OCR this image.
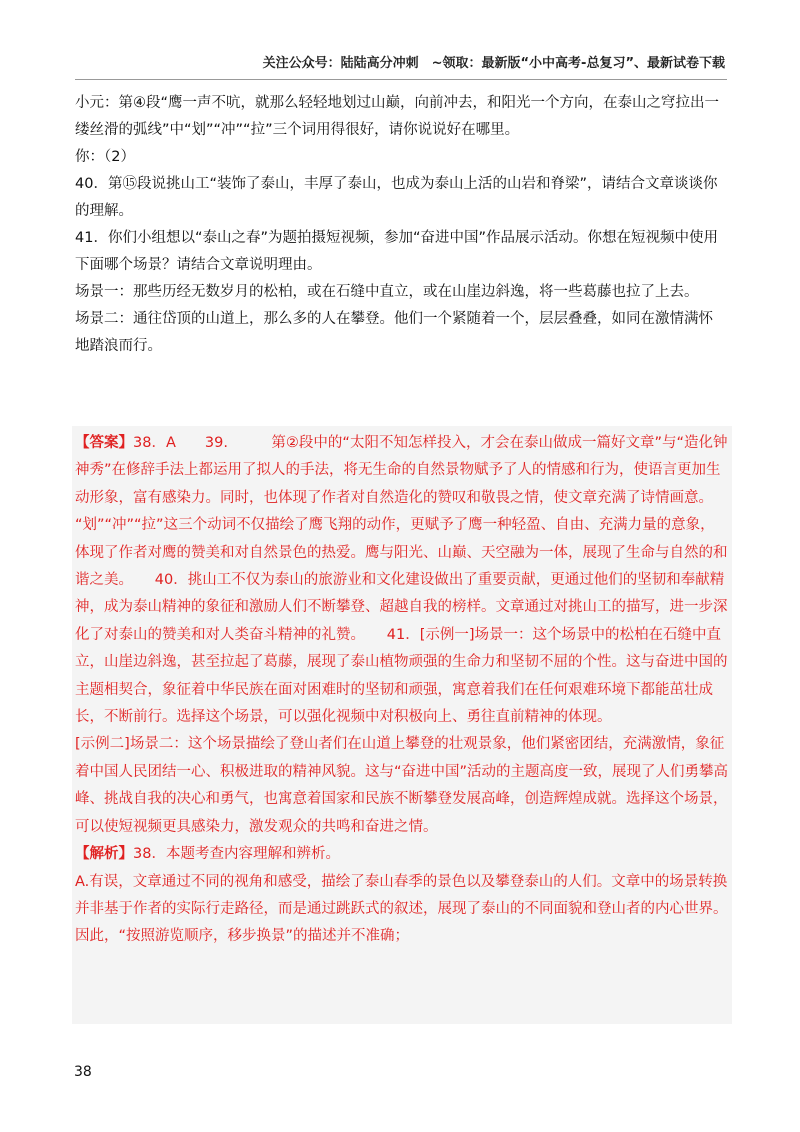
关注公众号：陆陆高分冲刺　~领取：最新版“小中高考-总复习”、最新试卷下载

小元：第④段“鹰一声不吭，就那么轻轻地划过山巅，向前冲去，和阳光一个方向，在泰山之穹拉出一缕丝滑的弧线”中“划”“冲”“拉”三个词用得很好，请你说说好在哪里。

你：（2）

40．第⑮段说挑山工“装饰了泰山，丰厚了泰山，也成为泰山上活的山岩和脊梁”，请结合文章谈谈你的理解。

41．你们小组想以“泰山之春”为题拍摄短视频，参加“奋进中国”作品展示活动。你想在短视频中使用下面哪个场景？请结合文章说明理由。

场景一：那些历经无数岁月的松柏，或在石缝中直立，或在山崖边斜逸，将一些葛藤也拉了上去。

场景二：通往岱顶的山道上，那么多的人在攀登。他们一个紧随着一个，层层叠叠，如同在激情满怀地踏浪而行。

【答案】38．A　　39.　　　第②段中的“太阳不知怎样投入，才会在泰山做成一篇好文章”与“造化钟神秀”在修辞手法上都运用了拟人的手法，将无生命的自然景物赋予了人的情感和行为，使语言更加生动形象，富有感染力。同时，也体现了作者对自然造化的赞叹和敬畏之情，使文章充满了诗情画意。

“划”“冲”“拉”这三个动词不仅描绘了鹰飞翔的动作，更赋予了鹰一种轻盈、自由、充满力量的意象，体现了作者对鹰的赞美和对自然景色的热爱。鹰与阳光、山巅、天空融为一体，展现了生命与自然的和谐之美。　　40．挑山工不仅为泰山的旅游业和文化建设做出了重要贡献，更通过他们的坚韧和奉献精神，成为泰山精神的象征和激励人们不断攀登、超越自我的榜样。文章通过对挑山工的描写，进一步深化了对泰山的赞美和对人类奋斗精神的礼赞。　　41．[示例一]场景一：这个场景中的松柏在石缝中直立，山崖边斜逸，甚至拉起了葛藤，展现了泰山植物顽强的生命力和坚韧不屈的个性。这与奋进中国的主题相契合，象征着中华民族在面对困难时的坚韧和顽强，寓意着我们在任何艰难环境下都能茁壮成长，不断前行。选择这个场景，可以强化视频中对积极向上、勇往直前精神的体现。

[示例二]场景二：这个场景描绘了登山者们在山道上攀登的壮观景象，他们紧密团结，充满激情，象征着中国人民团结一心、积极进取的精神风貌。这与“奋进中国”活动的主题高度一致，展现了人们勇攀高峰、挑战自我的决心和勇气，也寓意着国家和民族不断攀登发展高峰，创造辉煌成就。选择这个场景，可以使短视频更具感染力，激发观众的共鸣和奋进之情。

【解析】38．本题考查内容理解和辨析。

A.有误，文章通过不同的视角和感受，描绘了泰山春季的景色以及攀登泰山的人们。文章中的场景转换并非基于作者的实际行走路径，而是通过跳跃式的叙述，展现了泰山的不同面貌和登山者的内心世界。因此，“按照游览顺序，移步换景”的描述并不准确；

38
